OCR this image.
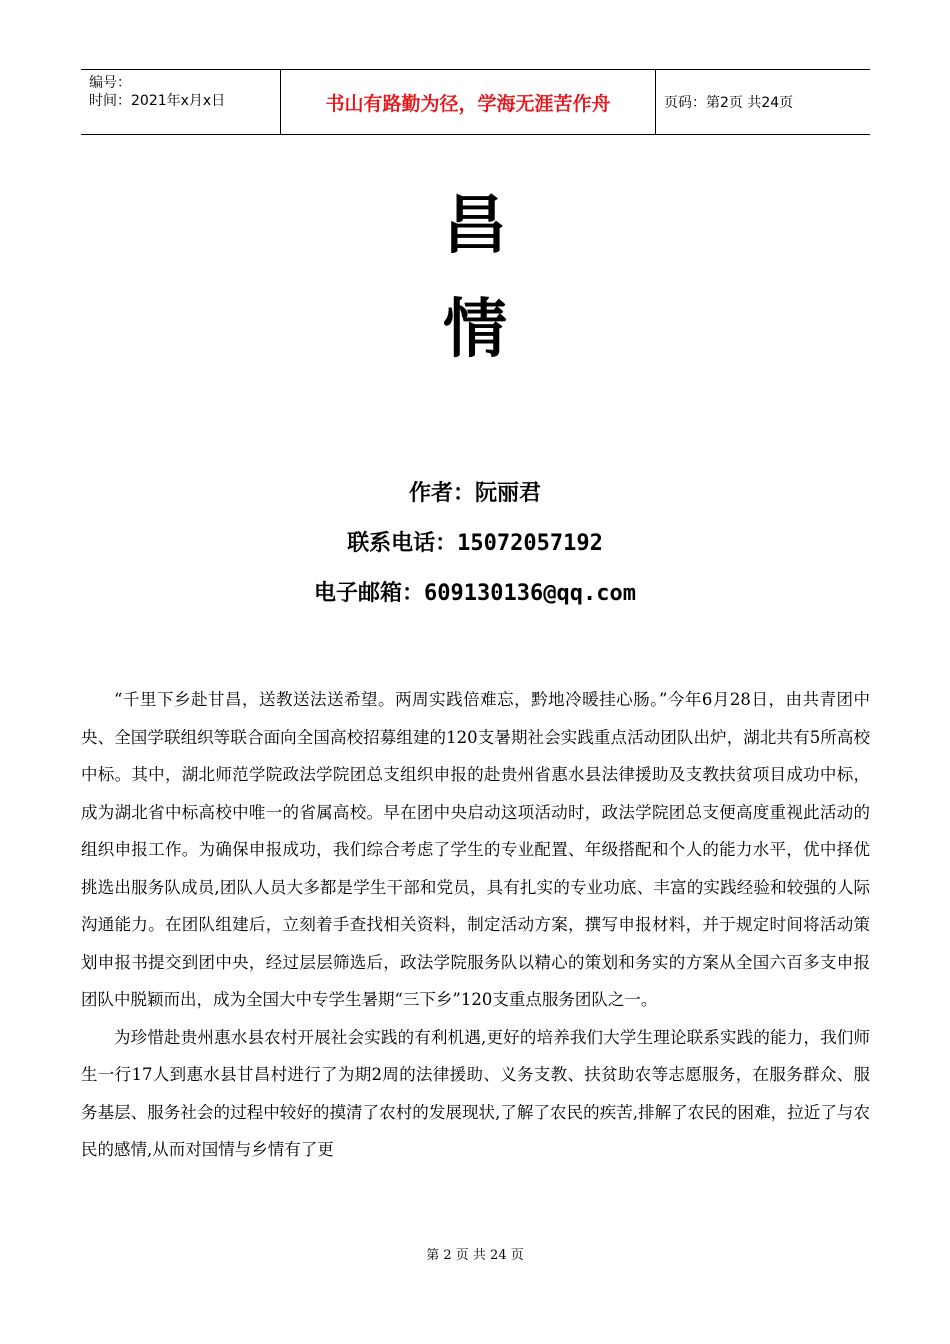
编号：
时间：2021年x月x日	书山有路勤为径，学海无涯苦作舟	页码：第2页 共24页
昌
情
作者：阮丽君
联系电话：15072057192
电子邮箱：609130136@qq.com

“千里下乡赴甘昌，送教送法送希望。两周实践倍难忘，黔地冷暖挂心肠。”今年6月28日，由共青团中央、全国学联组织等联合面向全国高校招募组建的120支暑期社会实践重点活动团队出炉，湖北共有5所高校中标。其中，湖北师范学院政法学院团总支组织申报的赴贵州省惠水县法律援助及支教扶贫项目成功中标，成为湖北省中标高校中唯一的省属高校。早在团中央启动这项活动时，政法学院团总支便高度重视此活动的组织申报工作。为确保申报成功，我们综合考虑了学生的专业配置、年级搭配和个人的能力水平，优中择优挑选出服务队成员,团队人员大多都是学生干部和党员，具有扎实的专业功底、丰富的实践经验和较强的人际沟通能力。在团队组建后，立刻着手查找相关资料，制定活动方案，撰写申报材料，并于规定时间将活动策划申报书提交到团中央，经过层层筛选后，政法学院服务队以精心的策划和务实的方案从全国六百多支申报团队中脱颖而出，成为全国大中专学生暑期“三下乡”120支重点服务团队之一。

为珍惜赴贵州惠水县农村开展社会实践的有利机遇,更好的培养我们大学生理论联系实践的能力，我们师生一行17人到惠水县甘昌村进行了为期2周的法律援助、义务支教、扶贫助农等志愿服务，在服务群众、服务基层、服务社会的过程中较好的摸清了农村的发展现状,了解了农民的疾苦,排解了农民的困难，拉近了与农民的感情,从而对国情与乡情有了更

第 2 页 共 24 页
